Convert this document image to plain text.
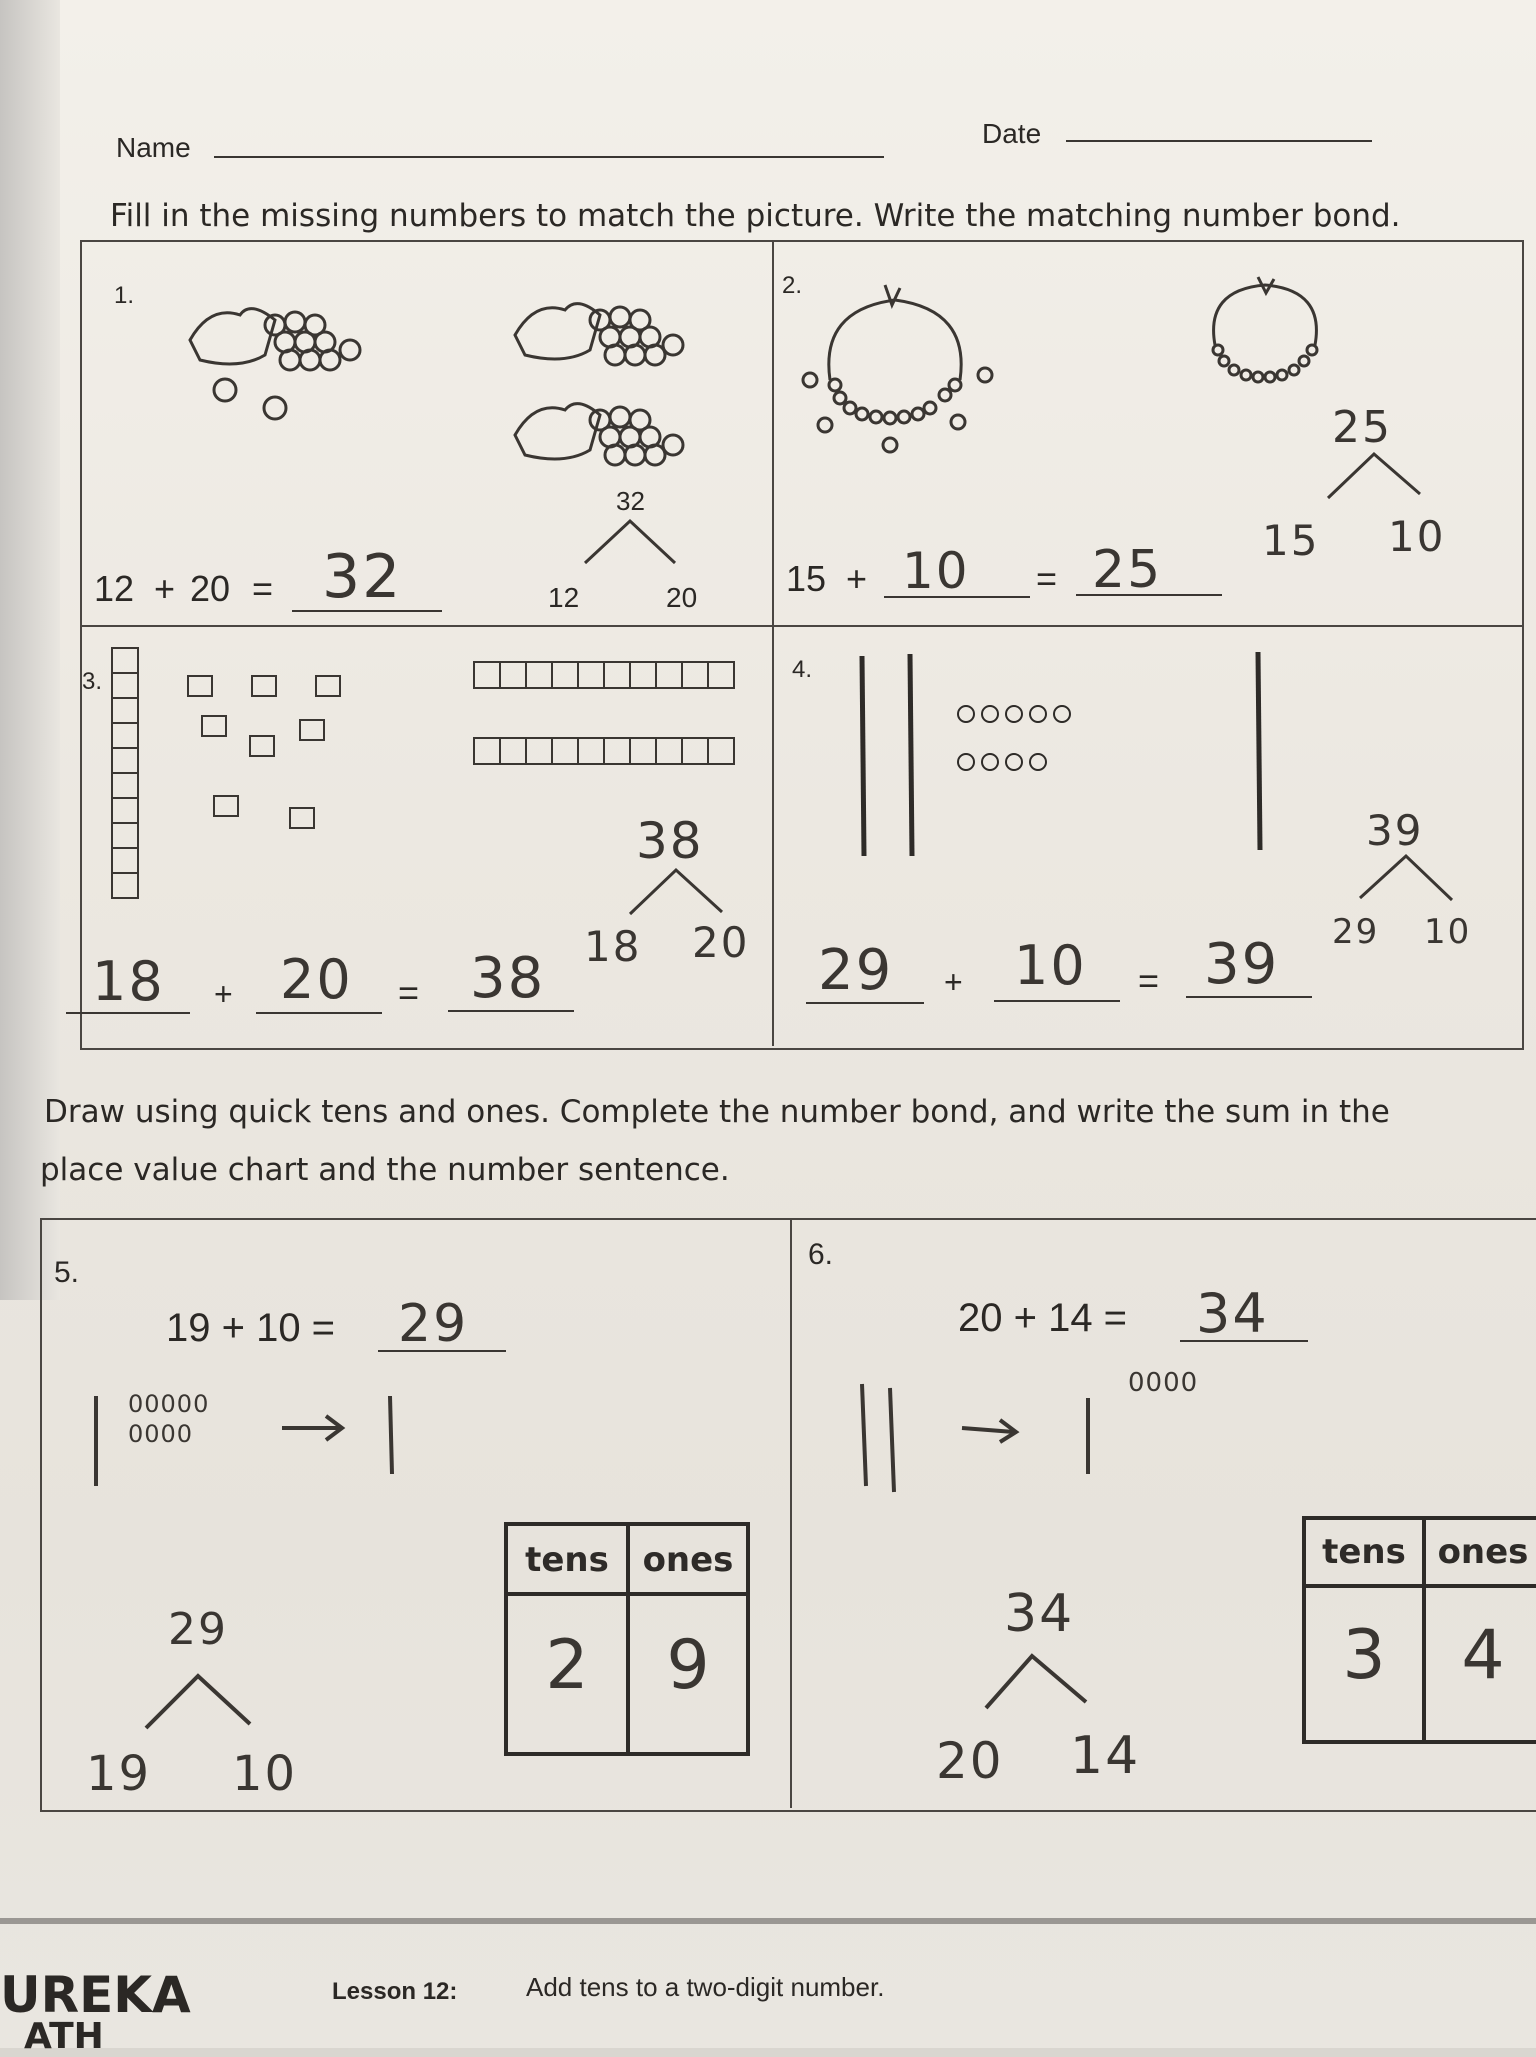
Name	Date
Fill in the missing numbers to match the picture. Write the matching number bond.
1.
12 + 20 = 32
32
12	20
2.
15 + 10 = 25
25
15 10
3.
18 + 20 = 38
38
18 20
4.
29 + 10 = 39
39
29 10
Draw using quick tens and ones. Complete the number bond, and write the sum in the
place value chart and the number sentence.
5.
19 + 10 = 29
00000
0000
tens ones
2	9
29
19 10
6.
20 + 14 = 34
0000
tens ones
3	4
34
20 14
UREKA
ATH
Lesson 12:	Add tens to a two-digit number.
